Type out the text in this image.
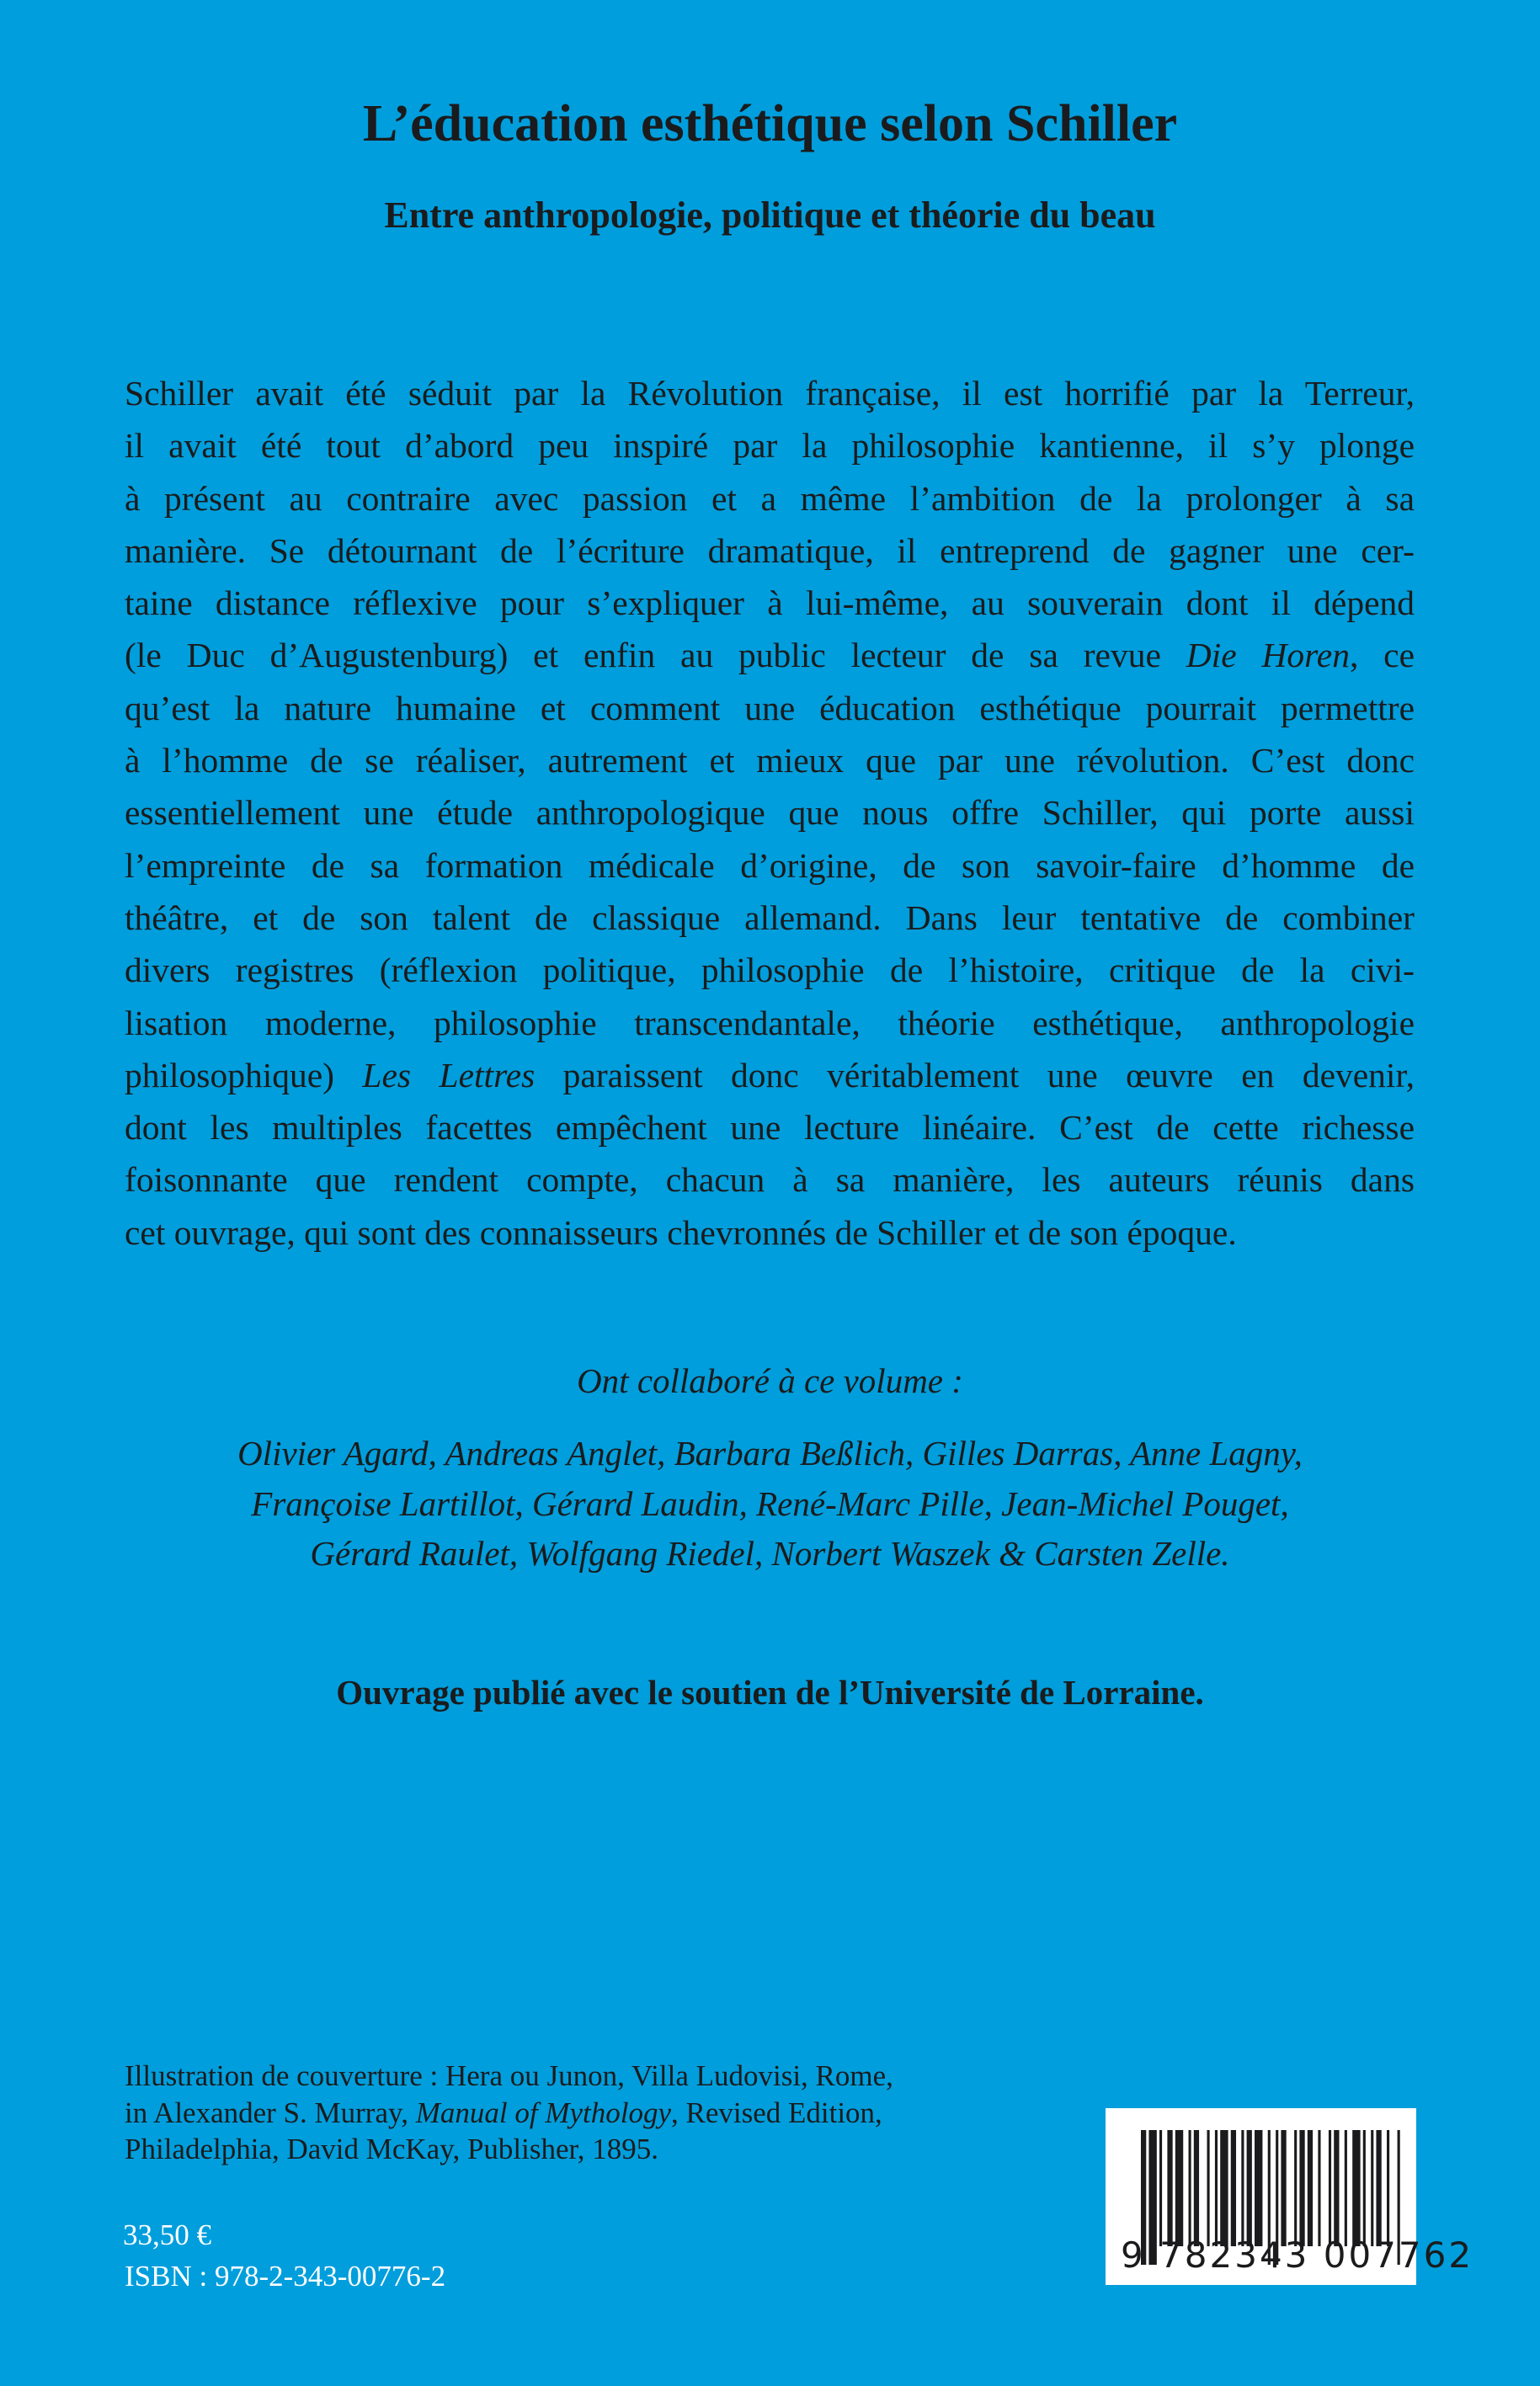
L’éducation esthétique selon Schiller
Entre anthropologie, politique et théorie du beau
Schiller avait été séduit par la Révolution française, il est horrifié par la Terreur,
il avait été tout d’abord peu inspiré par la philosophie kantienne, il s’y plonge
à présent au contraire avec passion et a même l’ambition de la prolonger à sa
manière. Se détournant de l’écriture dramatique, il entreprend de gagner une cer-
taine distance réflexive pour s’expliquer à lui-même, au souverain dont il dépend
(le Duc d’Augustenburg) et enfin au public lecteur de sa revue Die Horen, ce
qu’est la nature humaine et comment une éducation esthétique pourrait permettre
à l’homme de se réaliser, autrement et mieux que par une révolution. C’est donc
essentiellement une étude anthropologique que nous offre Schiller, qui porte aussi
l’empreinte de sa formation médicale d’origine, de son savoir-faire d’homme de
théâtre, et de son talent de classique allemand. Dans leur tentative de combiner
divers registres (réflexion politique, philosophie de l’histoire, critique de la civi-
lisation moderne, philosophie transcendantale, théorie esthétique, anthropologie
philosophique) Les Lettres paraissent donc véritablement une œuvre en devenir,
dont les multiples facettes empêchent une lecture linéaire. C’est de cette richesse
foisonnante que rendent compte, chacun à sa manière, les auteurs réunis dans
cet ouvrage, qui sont des connaisseurs chevronnés de Schiller et de son époque.
Ont collaboré à ce volume :
Olivier Agard, Andreas Anglet, Barbara Beßlich, Gilles Darras, Anne Lagny,
Françoise Lartillot, Gérard Laudin, René-Marc Pille, Jean-Michel Pouget,
Gérard Raulet, Wolfgang Riedel, Norbert Waszek & Carsten Zelle.
Ouvrage publié avec le soutien de l’Université de Lorraine.
Illustration de couverture : Hera ou Junon, Villa Ludovisi, Rome,
in Alexander S. Murray, Manual of Mythology, Revised Edition,
Philadelphia, David McKay, Publisher, 1895.
33,50 €
ISBN : 978-2-343-00776-2
9 782343 007762
